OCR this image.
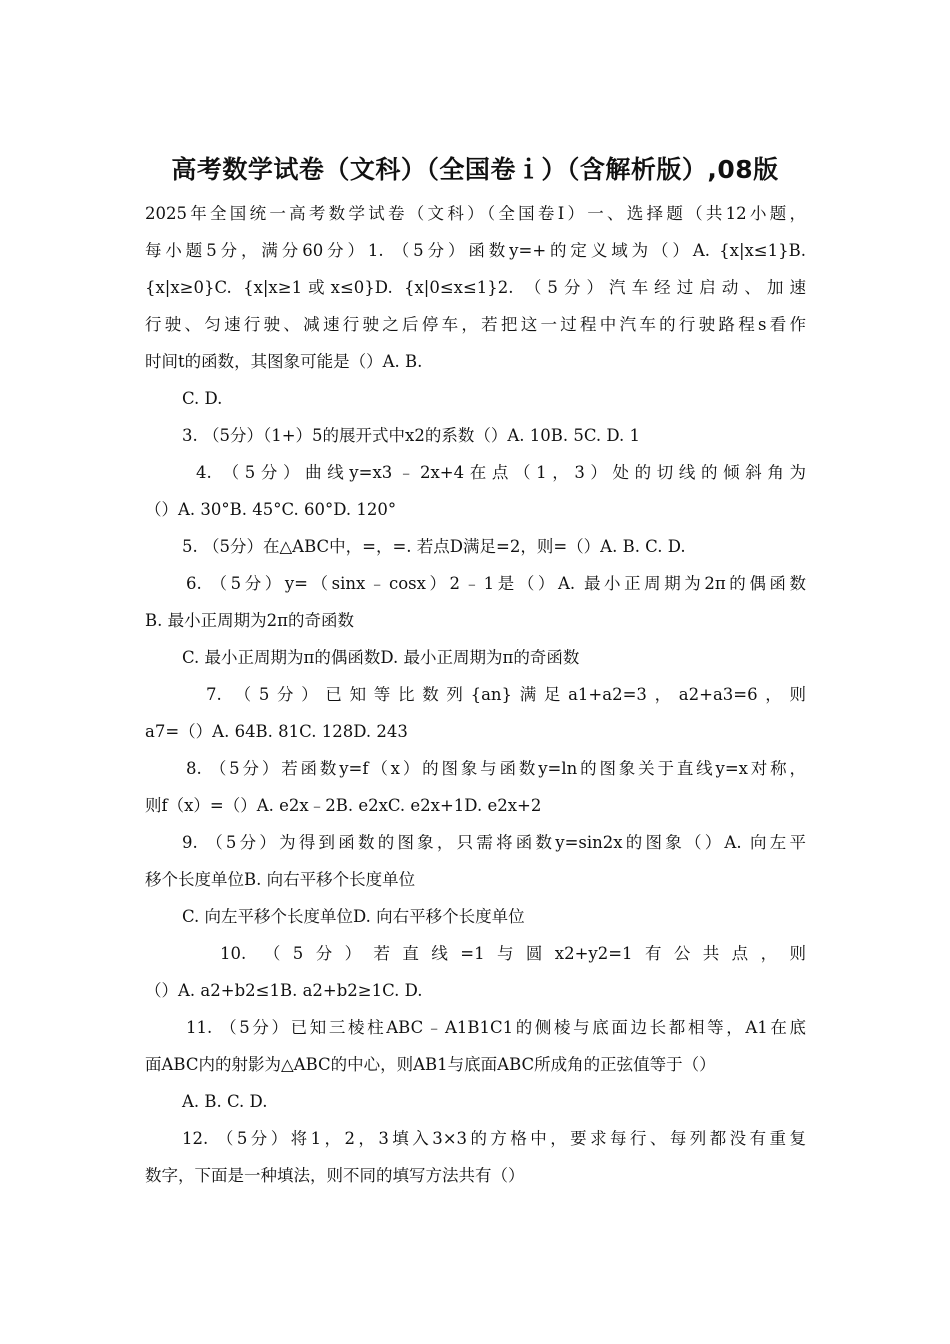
高考数学试卷（文科）（全国卷ｉ）（含解析版）,08版
2025年全国统一高考数学试卷（文科）（全国卷Ⅰ）一、选择题（共12小题，
每小题5分，满分60分）1. （5分）函数y=+的定义域为（）A. {x|x≤1}B.
{x|x≥0}C. {x|x≥1或x≤0}D. {x|0≤x≤1}2. （5分）汽车经过启动、加速
行驶、匀速行驶、减速行驶之后停车，若把这一过程中汽车的行驶路程s看作
时间t的函数，其图象可能是（）A. B.
C. D.
3. （5分）（1+）5的展开式中x2的系数（）A. 10B. 5C. D. 1
4. （5分）曲线y=x3﹣2x+4在点（1，3）处的切线的倾斜角为
（）A. 30°B. 45°C. 60°D. 120°
5. （5分）在△ABC中，=，=. 若点D满足=2，则=（）A. B. C. D.
6. （5分）y=（sinx﹣cosx）2﹣1是（）A. 最小正周期为2π的偶函数
B. 最小正周期为2π的奇函数
C. 最小正周期为π的偶函数D. 最小正周期为π的奇函数
7. （5分）已知等比数列{an}满足a1+a2=3，a2+a3=6，则
a7=（）A. 64B. 81C. 128D. 243
8. （5分）若函数y=f（x）的图象与函数y=ln的图象关于直线y=x对称，
则f（x）=（）A. e2x﹣2B. e2xC. e2x+1D. e2x+2
9. （5分）为得到函数的图象，只需将函数y=sin2x的图象（）A. 向左平
移个长度单位B. 向右平移个长度单位
C. 向左平移个长度单位D. 向右平移个长度单位
10. （5分）若直线=1与圆x2+y2=1有公共点，则
（）A. a2+b2≤1B. a2+b2≥1C. D.
11. （5分）已知三棱柱ABC﹣A1B1C1的侧棱与底面边长都相等，A1在底
面ABC内的射影为△ABC的中心，则AB1与底面ABC所成角的正弦值等于（）
A. B. C. D.
12. （5分）将1，2，3填入3×3的方格中，要求每行、每列都没有重复
数字，下面是一种填法，则不同的填写方法共有（）
